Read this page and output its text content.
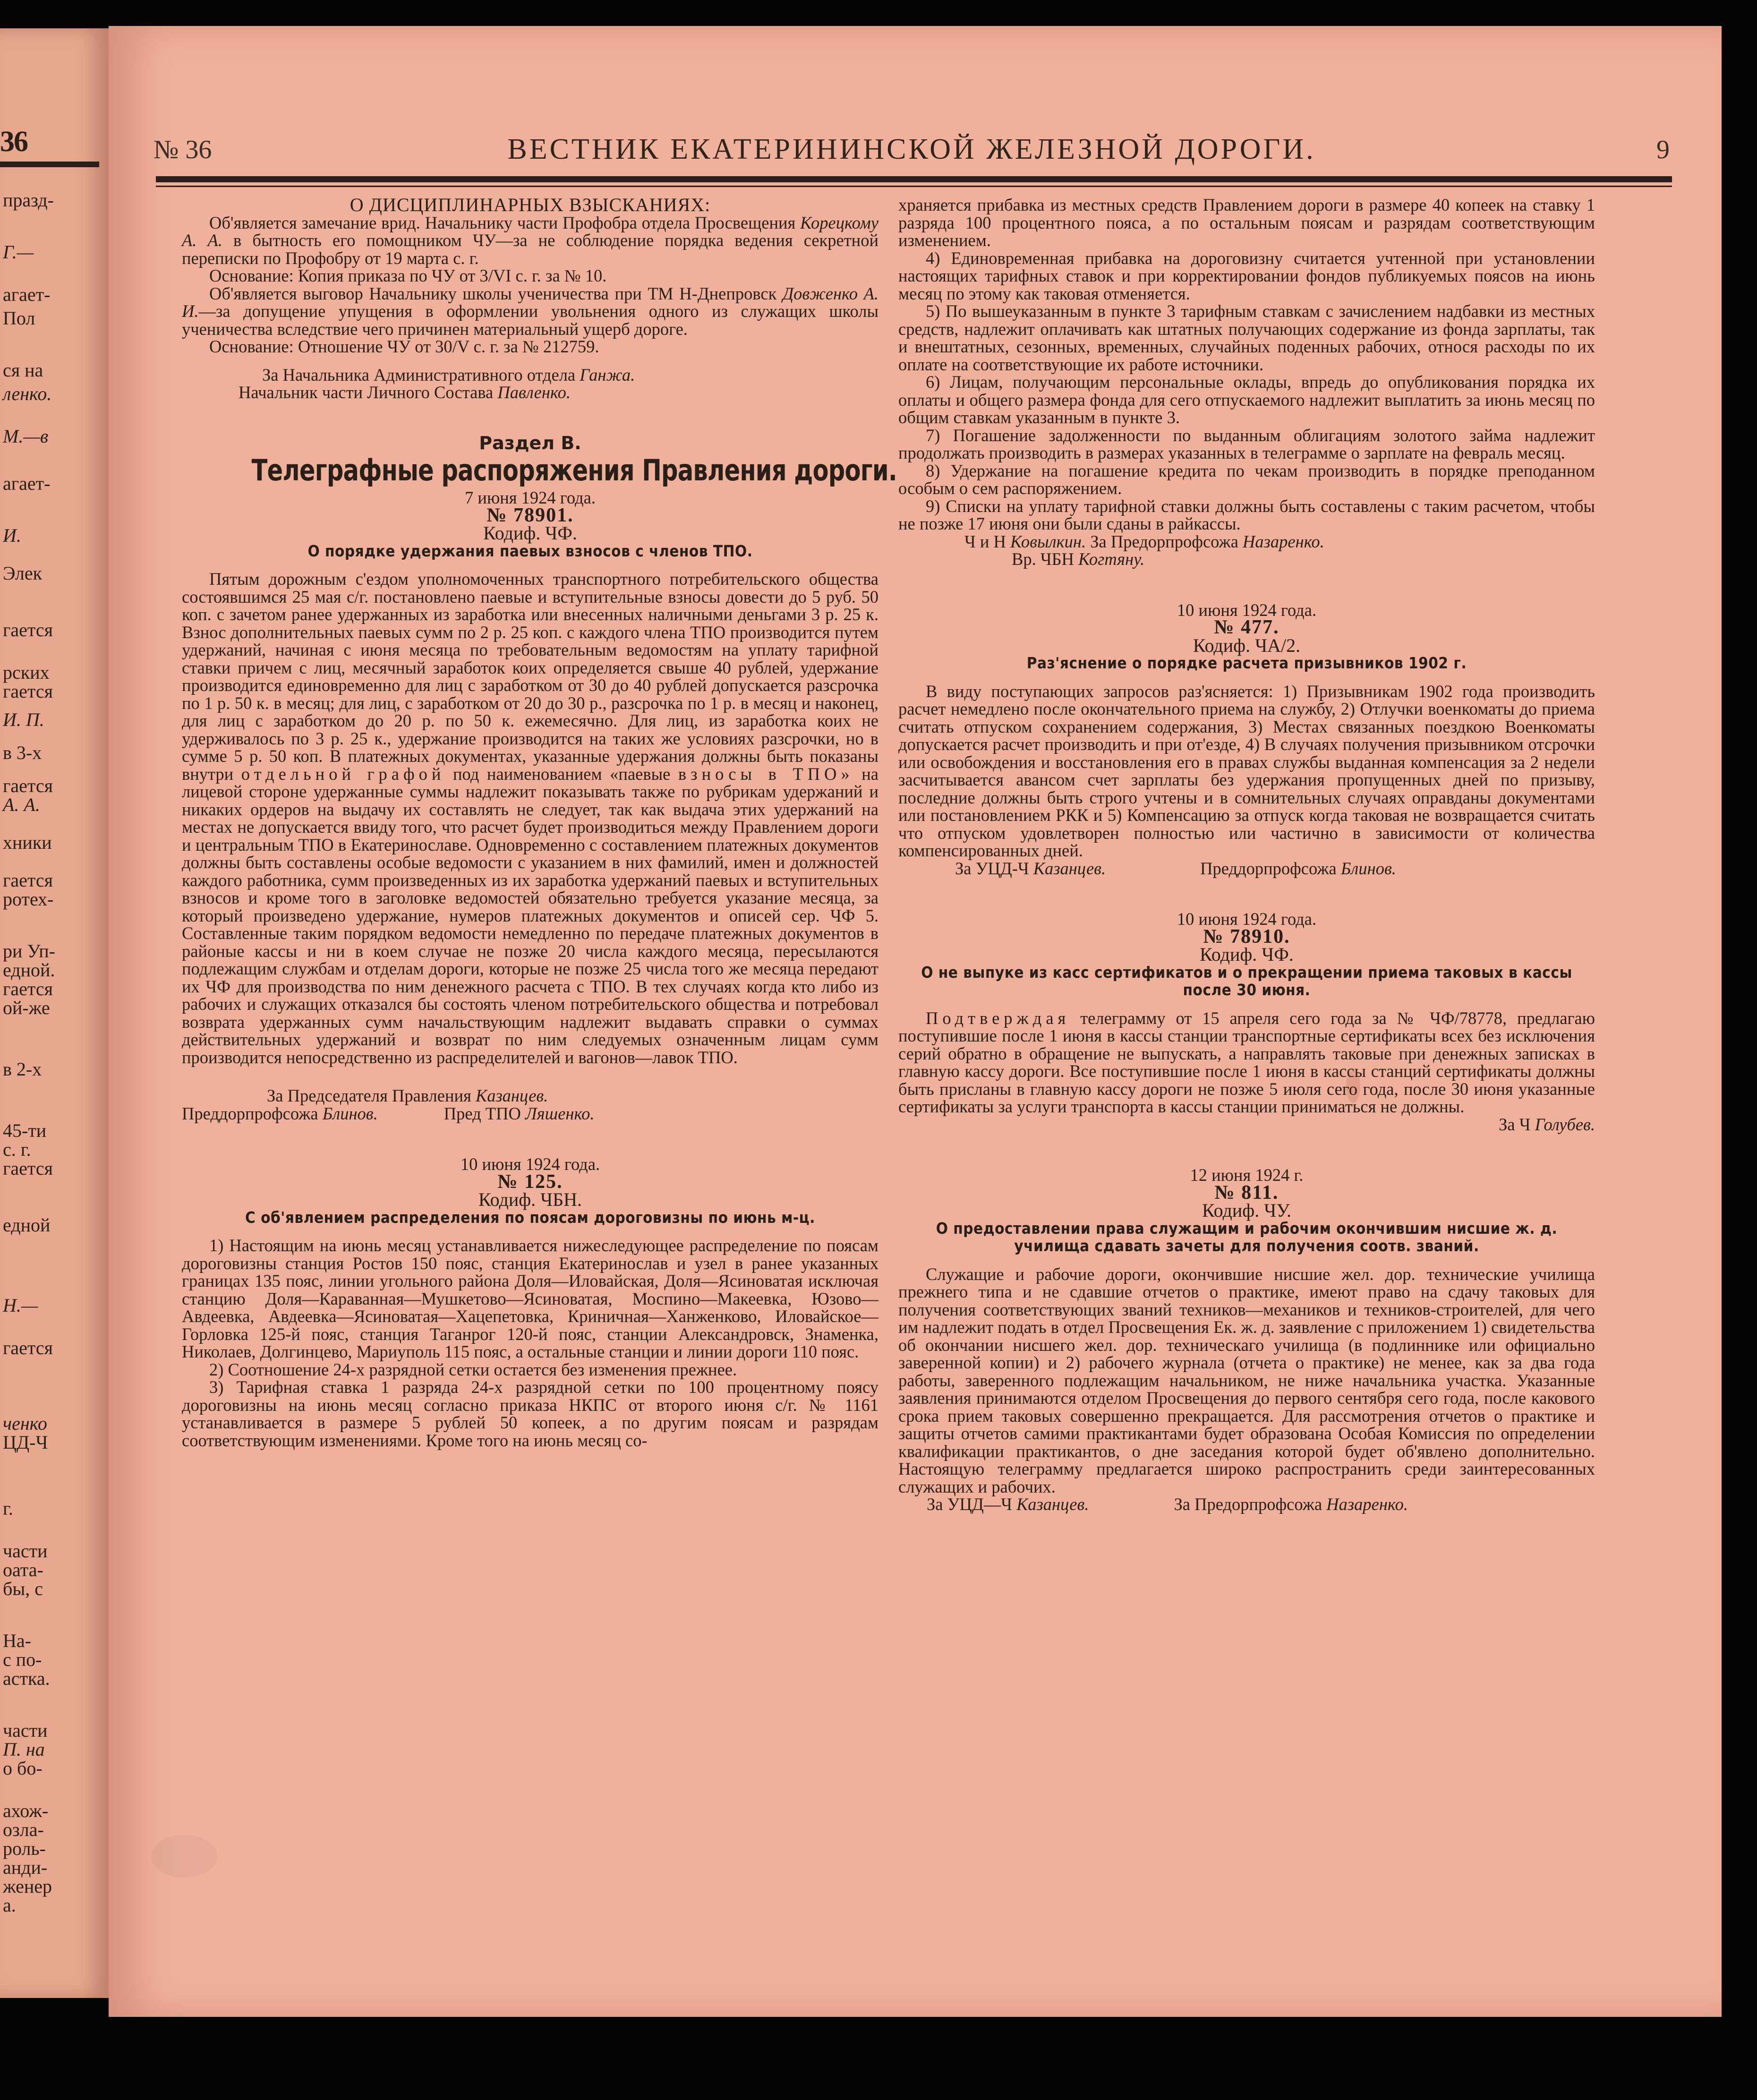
36
празд-
Г.—
агает-
Пол
ся на
ленко.
М.—в
агает-
И.
Элек
гается
рских
гается
И. П.
в 3-х
гается
А. А.
хники
гается
ротех-
ри Уп-
едной.
гается
ой-же
в 2-х
45-ти
с. г.
гается
едной
Н.—
гается
ченко
ЦД-Ч
г.
части
оата-
бы, с
На-
с по-
астка.
части
П. на
о бо-
ахож-
озла-
роль-
анди-
женер
а.
№ 36	ВЕСТНИК ЕКАТЕРИНИНСКОЙ ЖЕЛЕЗНОЙ ДОРОГИ.	9

О ДИСЦИПЛИНАРНЫХ ВЗЫСКАНИЯХ:

Об'является замечание врид. Начальнику части Профобра отдела Просвещения Корецкому А. А. в бытность его помощником ЧУ—за не соблюдение порядка ведения секретной переписки по Профобру от 19 марта с. г.

Основание: Копия приказа по ЧУ от 3/VI с. г. за № 10.

Об'является выговор Начальнику школы ученичества при ТМ Н-Днепровск Довженко А. И.—за допущение упущения в оформлении увольнения одного из служащих школы ученичества вследствие чего причинен материальный ущерб дороге.

Основание: Отношение ЧУ от 30/V с. г. за № 212759.

За Начальника Административного отдела Ганжа.

Начальник части Личного Состава Павленко.

Раздел В.

Телеграфные распоряжения Правления дороги.

7 июня 1924 года.

№ 78901.

Кодиф. ЧФ.

О порядке удержания паевых взносов с членов ТПО.

Пятым дорожным с'ездом уполномоченных транспортного потребительского общества состоявшимся 25 мая с/г. постановлено паевые и вступительные взносы довести до 5 руб. 50 коп. с зачетом ранее удержанных из заработка или внесенных наличными деньгами 3 р. 25 к. Взнос дополнительных паевых сумм по 2 р. 25 коп. с каждого члена ТПО производится путем удержаний, начиная с июня месяца по требовательным ведомостям на уплату тарифной ставки причем с лиц, месячный заработок коих определяется свыше 40 рублей, удержание производится единовременно для лиц с заработком от 30 до 40 рублей допускается разсрочка по 1 р. 50 к. в месяц; для лиц, с заработком от 20 до 30 р., разсрочка по 1 р. в месяц и наконец, для лиц с заработком до 20 р. по 50 к. ежемесячно. Для лиц, из заработка коих не удерживалось по 3 р. 25 к., удержание производится на таких же условиях разсрочки, но в сумме 5 р. 50 коп. В платежных документах, указанные удержания должны быть показаны внутри отдельной графой под наименованием «паевые взносы в ТПО» на лицевой стороне удержанные суммы надлежит показывать также по рубрикам удержаний и никаких ордеров на выдачу их составлять не следует, так как выдача этих удержаний на местах не допускается ввиду того, что расчет будет производиться между Правлением дороги и центральным ТПО в Екатеринославе. Одновременно с составлением платежных документов должны быть составлены особые ведомости с указанием в них фамилий, имен и должностей каждого работника, сумм произведенных из их заработка удержаний паевых и вступительных взносов и кроме того в заголовке ведомостей обязательно требуется указание месяца, за который произведено удержание, нумеров платежных документов и описей сер. ЧФ 5. Составленные таким порядком ведомости немедленно по передаче платежных документов в районые кассы и ни в коем случае не позже 20 числа каждого месяца, пересылаются подлежащим службам и отделам дороги, которые не позже 25 числа того же месяца передают их ЧФ для производства по ним денежного расчета с ТПО. В тех случаях когда кто либо из рабочих и служащих отказался бы состоять членом потребительского общества и потребовал возврата удержанных сумм начальствующим надлежит выдавать справки о суммах действительных удержаний и возврат по ним следуемых означенным лицам сумм производится непосредственно из распределителей и вагонов—лавок ТПО.

За Председателя Правления Казанцев.

Преддорпрофсожа Блинов.	Пред ТПО Ляшенко.

10 июня 1924 года.

№ 125.

Кодиф. ЧБН.

С об'явлением распределения по поясам дороговизны по июнь м-ц.

1) Настоящим на июнь месяц устанавливается нижеследующее распределение по поясам дороговизны станция Ростов 150 пояс, станция Екатеринослав и узел в ранее указанных границах 135 пояс, линии угольного района Доля—Иловайская, Доля—Ясиноватая исключая станцию Доля—Караванная—Мушкетово—Ясиноватая, Моспино—Макеевка, Юзово—Авдеевка, Авдеевка—Ясиноватая—Хацепетовка, Криничная—Ханженково, Иловайское—Горловка 125-й пояс, станция Таганрог 120-й пояс, станции Александровск, Знаменка, Николаев, Долгинцево, Мариуполь 115 пояс, а остальные станции и линии дороги 110 пояс.

2) Соотношение 24-х разрядной сетки остается без изменения прежнее.

3) Тарифная ставка 1 разряда 24-х разрядной сетки по 100 процентному поясу дороговизны на июнь месяц согласно приказа НКПС от второго июня с/г. № 1161 устанавливается в размере 5 рублей 50 копеек, а по другим поясам и разрядам соответствующим изменениями. Кроме того на июнь месяц со-

храняется прибавка из местных средств Правлением дороги в размере 40 копеек на ставку 1 разряда 100 процентного пояса, а по остальным поясам и разрядам соответствующим изменением.

4) Единовременная прибавка на дороговизну считается учтенной при установлении настоящих тарифных ставок и при корректировании фондов публикуемых поясов на июнь месяц по этому как таковая отменяется.

5) По вышеуказанным в пункте 3 тарифным ставкам с зачислением надбавки из местных средств, надлежит оплачивать как штатных получающих содержание из фонда зарплаты, так и внештатных, сезонных, временных, случайных поденных рабочих, относя расходы по их оплате на соответствующие их работе источники.

6) Лицам, получающим персональные оклады, впредь до опубликования порядка их оплаты и общего размера фонда для сего отпускаемого надлежит выплатить за июнь месяц по общим ставкам указанным в пункте 3.

7) Погашение задолженности по выданным облигациям золотого займа надлежит продолжать производить в размерах указанных в телеграмме о зарплате на февраль месяц.

8) Удержание на погашение кредита по чекам производить в порядке преподанном особым о сем распоряжением.

9) Списки на уплату тарифной ставки должны быть составлены с таким расчетом, чтобы не позже 17 июня они были сданы в райкассы.

Ч и Н Ковылкин. За Предорпрофсожа Назаренко.

Вр. ЧБН Когтяну.

10 июня 1924 года.

№ 477.

Кодиф. ЧА/2.

Раз'яснение о порядке расчета призывников 1902 г.

В виду поступающих запросов раз'ясняется: 1) Призывникам 1902 года производить расчет немедлено после окончательного приема на службу, 2) Отлучки военкоматы до приема считать отпуском сохранением содержания, 3) Местах связанных поездкою Военкоматы допускается расчет производить и при от'езде, 4) В случаях получения призывником отсрочки или освобождения и восстановления его в правах службы выданная компенсация за 2 недели засчитывается авансом счет зарплаты без удержания пропущенных дней по призыву, последние должны быть строго учтены и в сомнительных случаях оправданы документами или постановлением РКК и 5) Компенсацию за отпуск когда таковая не возвращается считать что отпуском удовлетворен полностью или частично в зависимости от количества компенсированных дней.

За УЦД-Ч Казанцев.	Преддорпрофсожа Блинов.

10 июня 1924 года.

№ 78910.

Кодиф. ЧФ.

О не выпуке из касс сертификатов и о прекращении приема таковых в кассы после 30 июня.

Подтверждая телеграмму от 15 апреля сего года за № ЧФ/78778, предлагаю поступившие после 1 июня в кассы станции транспортные сертификаты всех без исключения серий обратно в обращение не выпускать, а направлять таковые при денежных записках в главную кассу дороги. Все поступившие после 1 июня в кассы станций сертификаты должны быть присланы в главную кассу дороги не позже 5 июля сего года, после 30 июня указанные сертификаты за услуги транспорта в кассы станции приниматься не должны.

За Ч Голубев.

12 июня 1924 г.

№ 811.

Кодиф. ЧУ.

О предоставлении права служащим и рабочим окончившим нисшие ж. д. училища сдавать зачеты для получения соотв. званий.

Служащие и рабочие дороги, окончившие нисшие жел. дор. технические училища прежнего типа и не сдавшие отчетов о практике, имеют право на сдачу таковых для получения соответствующих званий техников—механиков и техников-строителей, для чего им надлежит подать в отдел Просвещения Ек. ж. д. заявление с приложением 1) свидетельства об окончании нисшего жел. дор. техническаго училища (в подлиннике или официально заверенной копии) и 2) рабочего журнала (отчета о практике) не менее, как за два года работы, заверенного подлежащим начальником, не ниже начальника участка. Указанные заявления принимаются отделом Просвещения до первого сентября сего года, после какового срока прием таковых совершенно прекращается. Для рассмотрения отчетов о практике и защиты отчетов самими практикантами будет образована Особая Комиссия по определении квалификации практикантов, о дне заседания которой будет об'явлено дополнительно. Настоящую телеграмму предлагается широко распространить среди заинтересованных служащих и рабочих.

За УЦД—Ч Казанцев.	За Предорпрофсожа Назаренко.
